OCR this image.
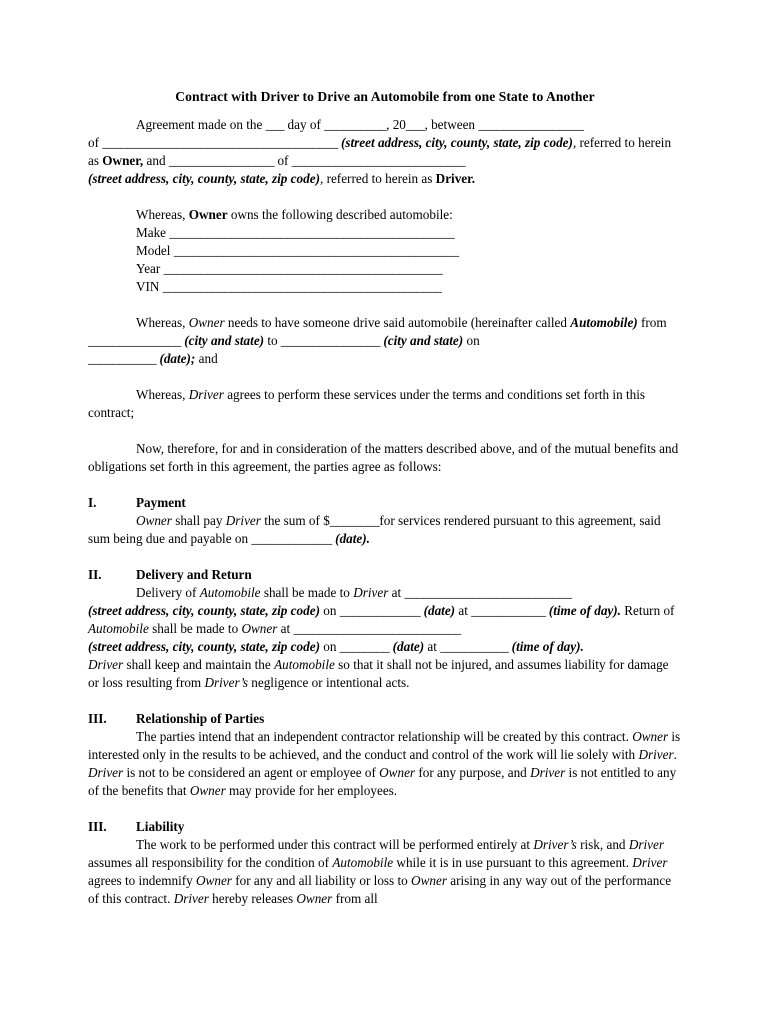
Contract with Driver to Drive an Automobile from one State to Another

Agreement made on the ___ day of __________, 20___, between _________________
of ______________________________________ (street address, city, county, state, zip code), referred to herein as Owner, and _________________ of ____________________________
(street address, city, county, state, zip code), referred to herein as Driver.

Whereas, Owner owns the following described automobile:

Make ______________________________________________

Model ______________________________________________

Year _____________________________________________

VIN _____________________________________________

Whereas, Owner needs to have someone drive said automobile (hereinafter called Automobile) from _______________ (city and state) to ________________ (city and state) on
___________ (date); and

Whereas, Driver agrees to perform these services under the terms and conditions set forth in this contract;

Now, therefore, for and in consideration of the matters described above, and of the mutual benefits and obligations set forth in this agreement, the parties agree as follows:

I.	Payment

Owner shall pay Driver the sum of $________for services rendered pursuant to this agreement, said sum being due and payable on _____________ (date).

II.	Delivery and Return

Delivery of Automobile shall be made to Driver at ___________________________
(street address, city, county, state, zip code) on _____________ (date) at ____________ (time of day). Return of Automobile shall be made to Owner at ___________________________
(street address, city, county, state, zip code) on ________ (date) at ___________ (time of day).
Driver shall keep and maintain the Automobile so that it shall not be injured, and assumes liability for damage or loss resulting from Driver’s negligence or intentional acts.

III. Relationship of Parties

The parties intend that an independent contractor relationship will be created by this contract. Owner is interested only in the results to be achieved, and the conduct and control of the work will lie solely with Driver. Driver is not to be considered an agent or employee of Owner for any purpose, and Driver is not entitled to any of the benefits that Owner may provide for her employees.

III. Liability

The work to be performed under this contract will be performed entirely at Driver’s risk, and Driver assumes all responsibility for the condition of Automobile while it is in use pursuant to this agreement. Driver agrees to indemnify Owner for any and all liability or loss to Owner arising in any way out of the performance of this contract. Driver hereby releases Owner from all
